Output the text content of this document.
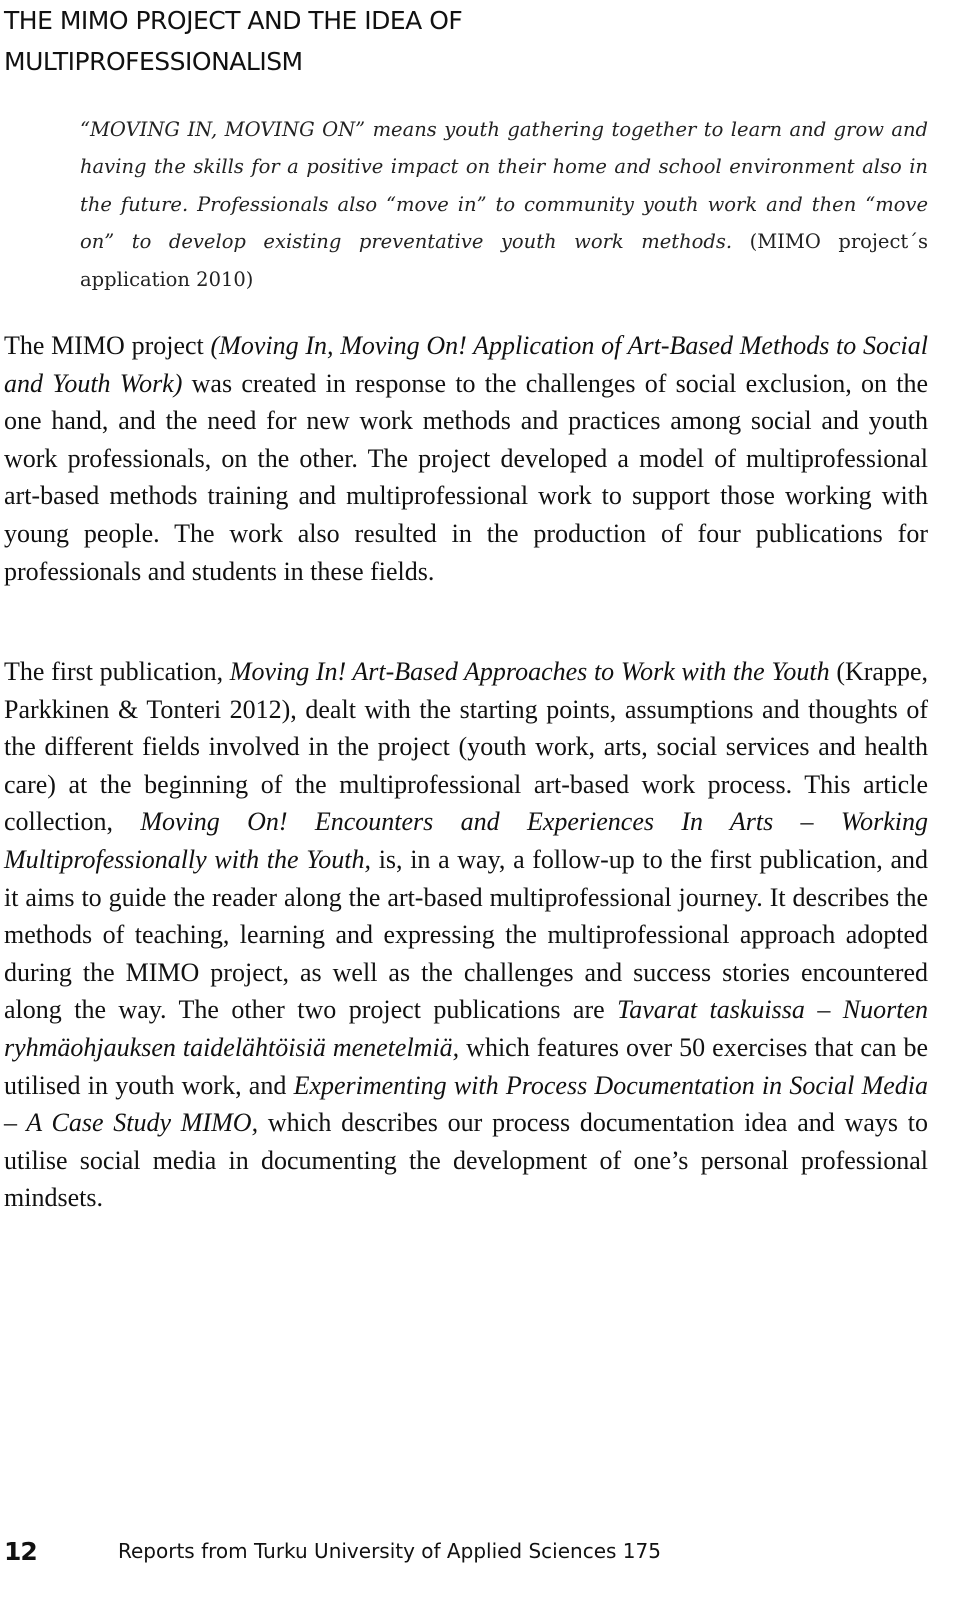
THE MIMO PROJECT AND THE IDEA OF
MULTIPROFESSIONALISM

“MOVING IN, MOVING ON” means youth gathering together to learn and grow and having the skills for a positive impact on their home and school environment also in the future. Professionals also “move in” to community youth work and then “move on” to develop existing preventative youth work methods. (MIMO project´s application 2010)

The MIMO project (Moving In, Moving On! Application of Art-Based Methods to Social and Youth Work) was created in response to the challenges of social exclusion, on the one hand, and the need for new work methods and practices among social and youth work professionals, on the other. The project developed a model of multiprofessional art-based methods training and multiprofessional work to support those working with young people. The work also resulted in the production of four publications for professionals and students in these fields.

The first publication, Moving In! Art-Based Approaches to Work with the Youth (Krappe, Parkkinen & Tonteri 2012), dealt with the starting points, assumptions and thoughts of the different fields involved in the project (youth work, arts, social services and health care) at the beginning of the multiprofessional art-based work process. This article collection, Moving On! Encounters and Experiences In Arts – Working Multiprofessionally with the Youth, is, in a way, a follow-up to the first publication, and it aims to guide the reader along the art-based multiprofessional journey. It describes the methods of teaching, learning and expressing the multiprofessional approach adopted during the MIMO project, as well as the challenges and success stories encountered along the way. The other two project publications are Tavarat taskuissa – Nuorten ryhmäohjauksen taidelähtöisiä menetelmiä, which features over 50 exercises that can be utilised in youth work, and Experimenting with Process Documentation in Social Media – A Case Study MIMO, which describes our process documentation idea and ways to utilise social media in documenting the development of one’s personal professional mindsets.

12	Reports from Turku University of Applied Sciences 175
